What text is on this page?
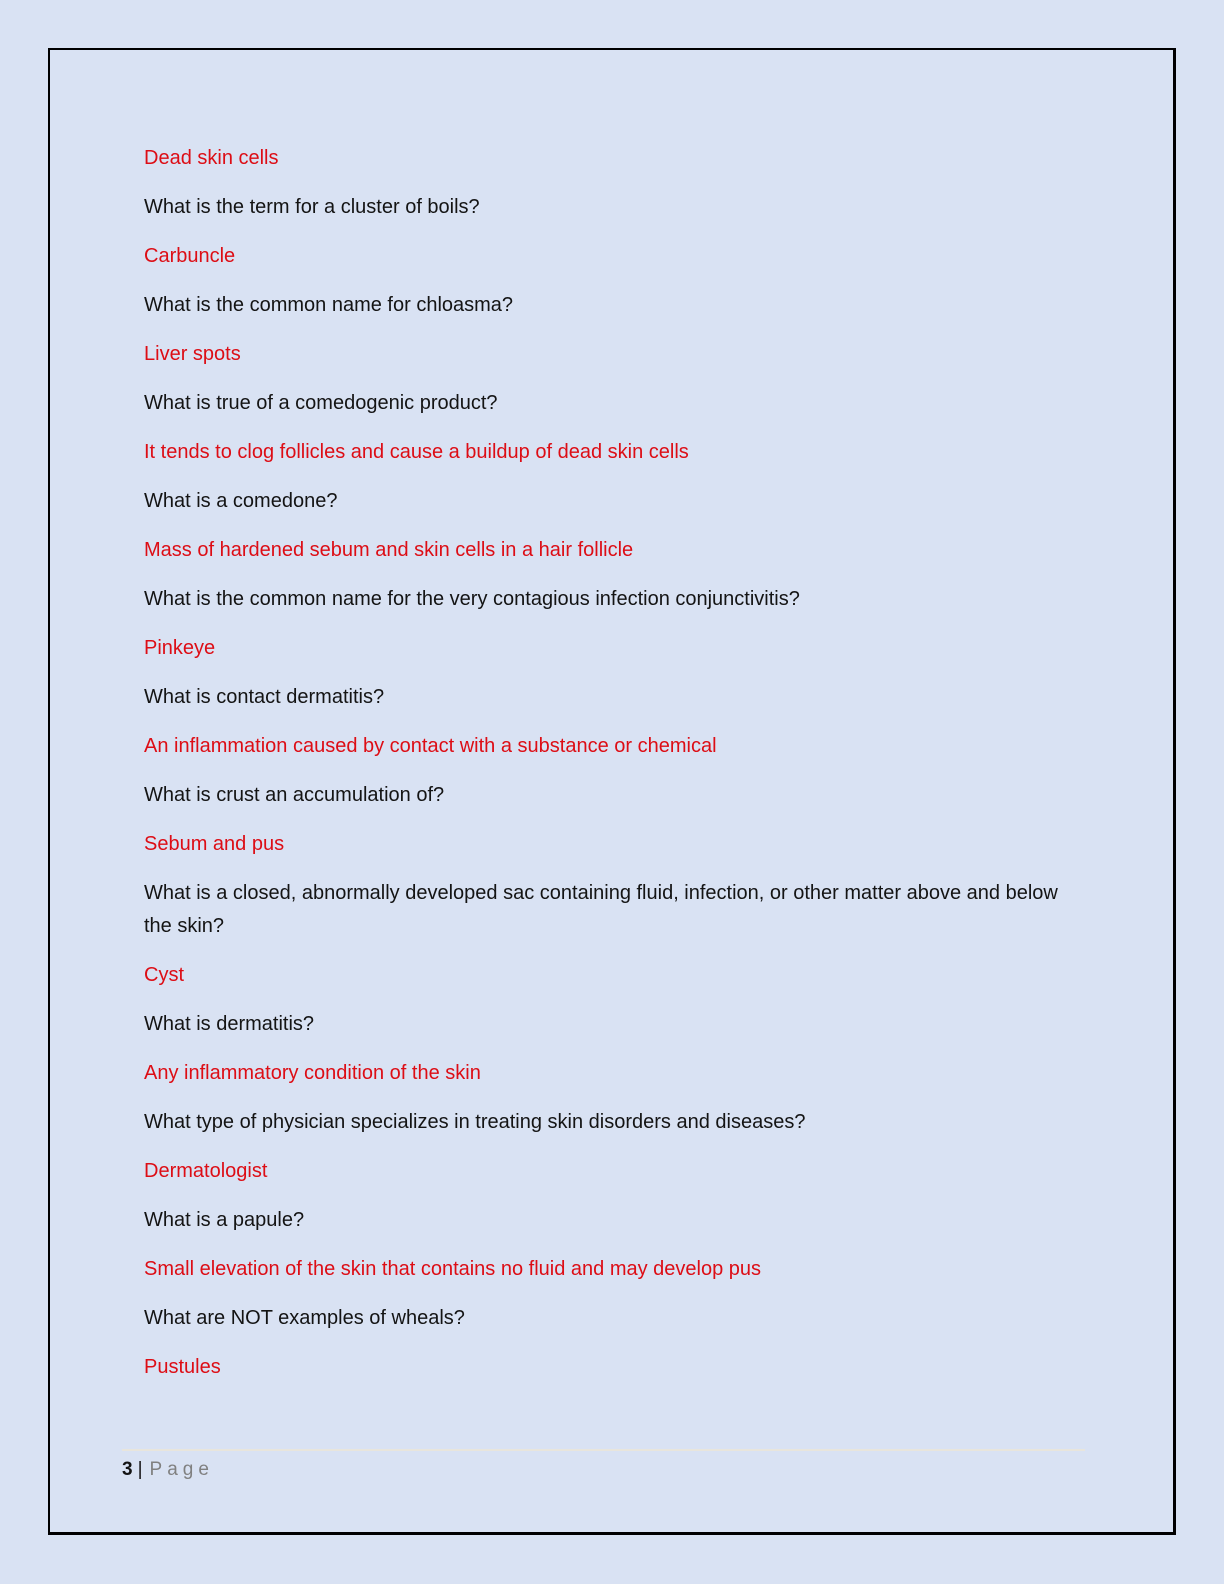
Dead skin cells

What is the term for a cluster of boils?

Carbuncle

What is the common name for chloasma?

Liver spots

What is true of a comedogenic product?

It tends to clog follicles and cause a buildup of dead skin cells

What is a comedone?

Mass of hardened sebum and skin cells in a hair follicle

What is the common name for the very contagious infection conjunctivitis?

Pinkeye

What is contact dermatitis?

An inflammation caused by contact with a substance or chemical

What is crust an accumulation of?

Sebum and pus

What is a closed, abnormally developed sac containing fluid, infection, or other matter above and below the skin?

Cyst

What is dermatitis?

Any inflammatory condition of the skin

What type of physician specializes in treating skin disorders and diseases?

Dermatologist

What is a papule?

Small elevation of the skin that contains no fluid and may develop pus

What are NOT examples of wheals?

Pustules

3 | Page
